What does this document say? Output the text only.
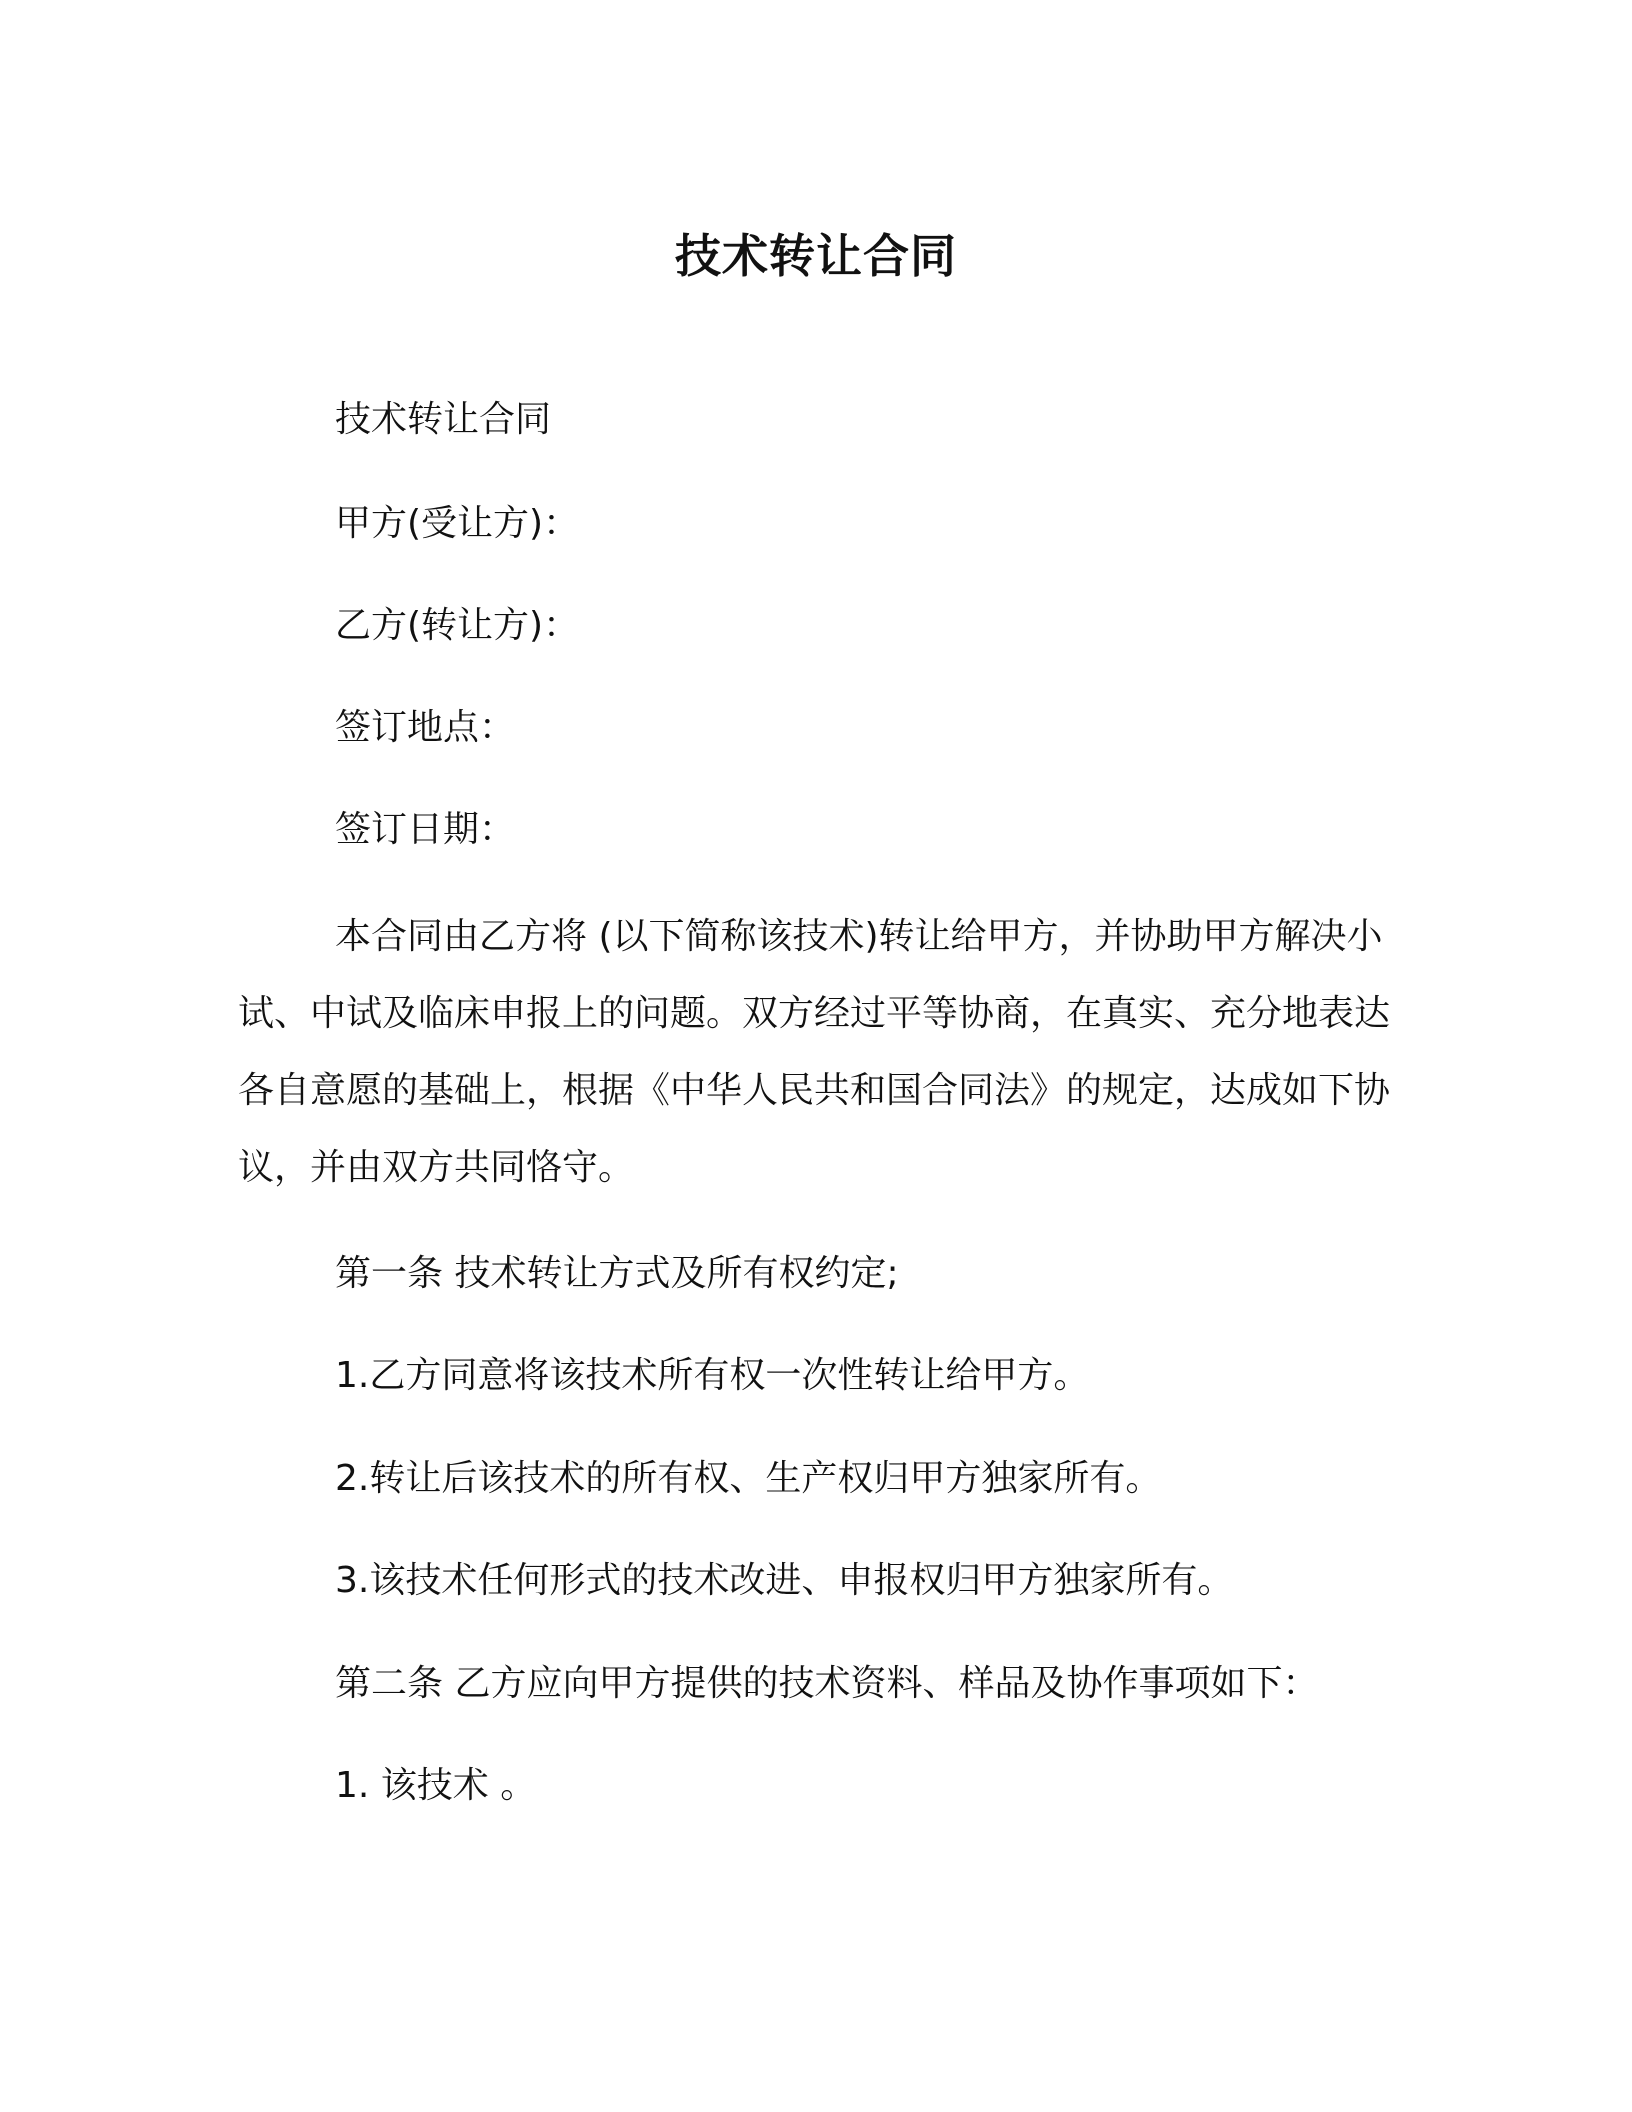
技术转让合同

技术转让合同

甲方(受让方)：

乙方(转让方)：

签订地点：

签订日期：

本合同由乙方将 (以下简称该技术)转让给甲方，并协助甲方解决小试、中试及临床申报上的问题。双方经过平等协商，在真实、充分地表达各自意愿的基础上，根据《中华人民共和国合同法》的规定，达成如下协议，并由双方共同恪守。

第一条 技术转让方式及所有权约定;

1.乙方同意将该技术所有权一次性转让给甲方。

2.转让后该技术的所有权、生产权归甲方独家所有。

3.该技术任何形式的技术改进、申报权归甲方独家所有。

第二条 乙方应向甲方提供的技术资料、样品及协作事项如下：

1. 该技术 。
